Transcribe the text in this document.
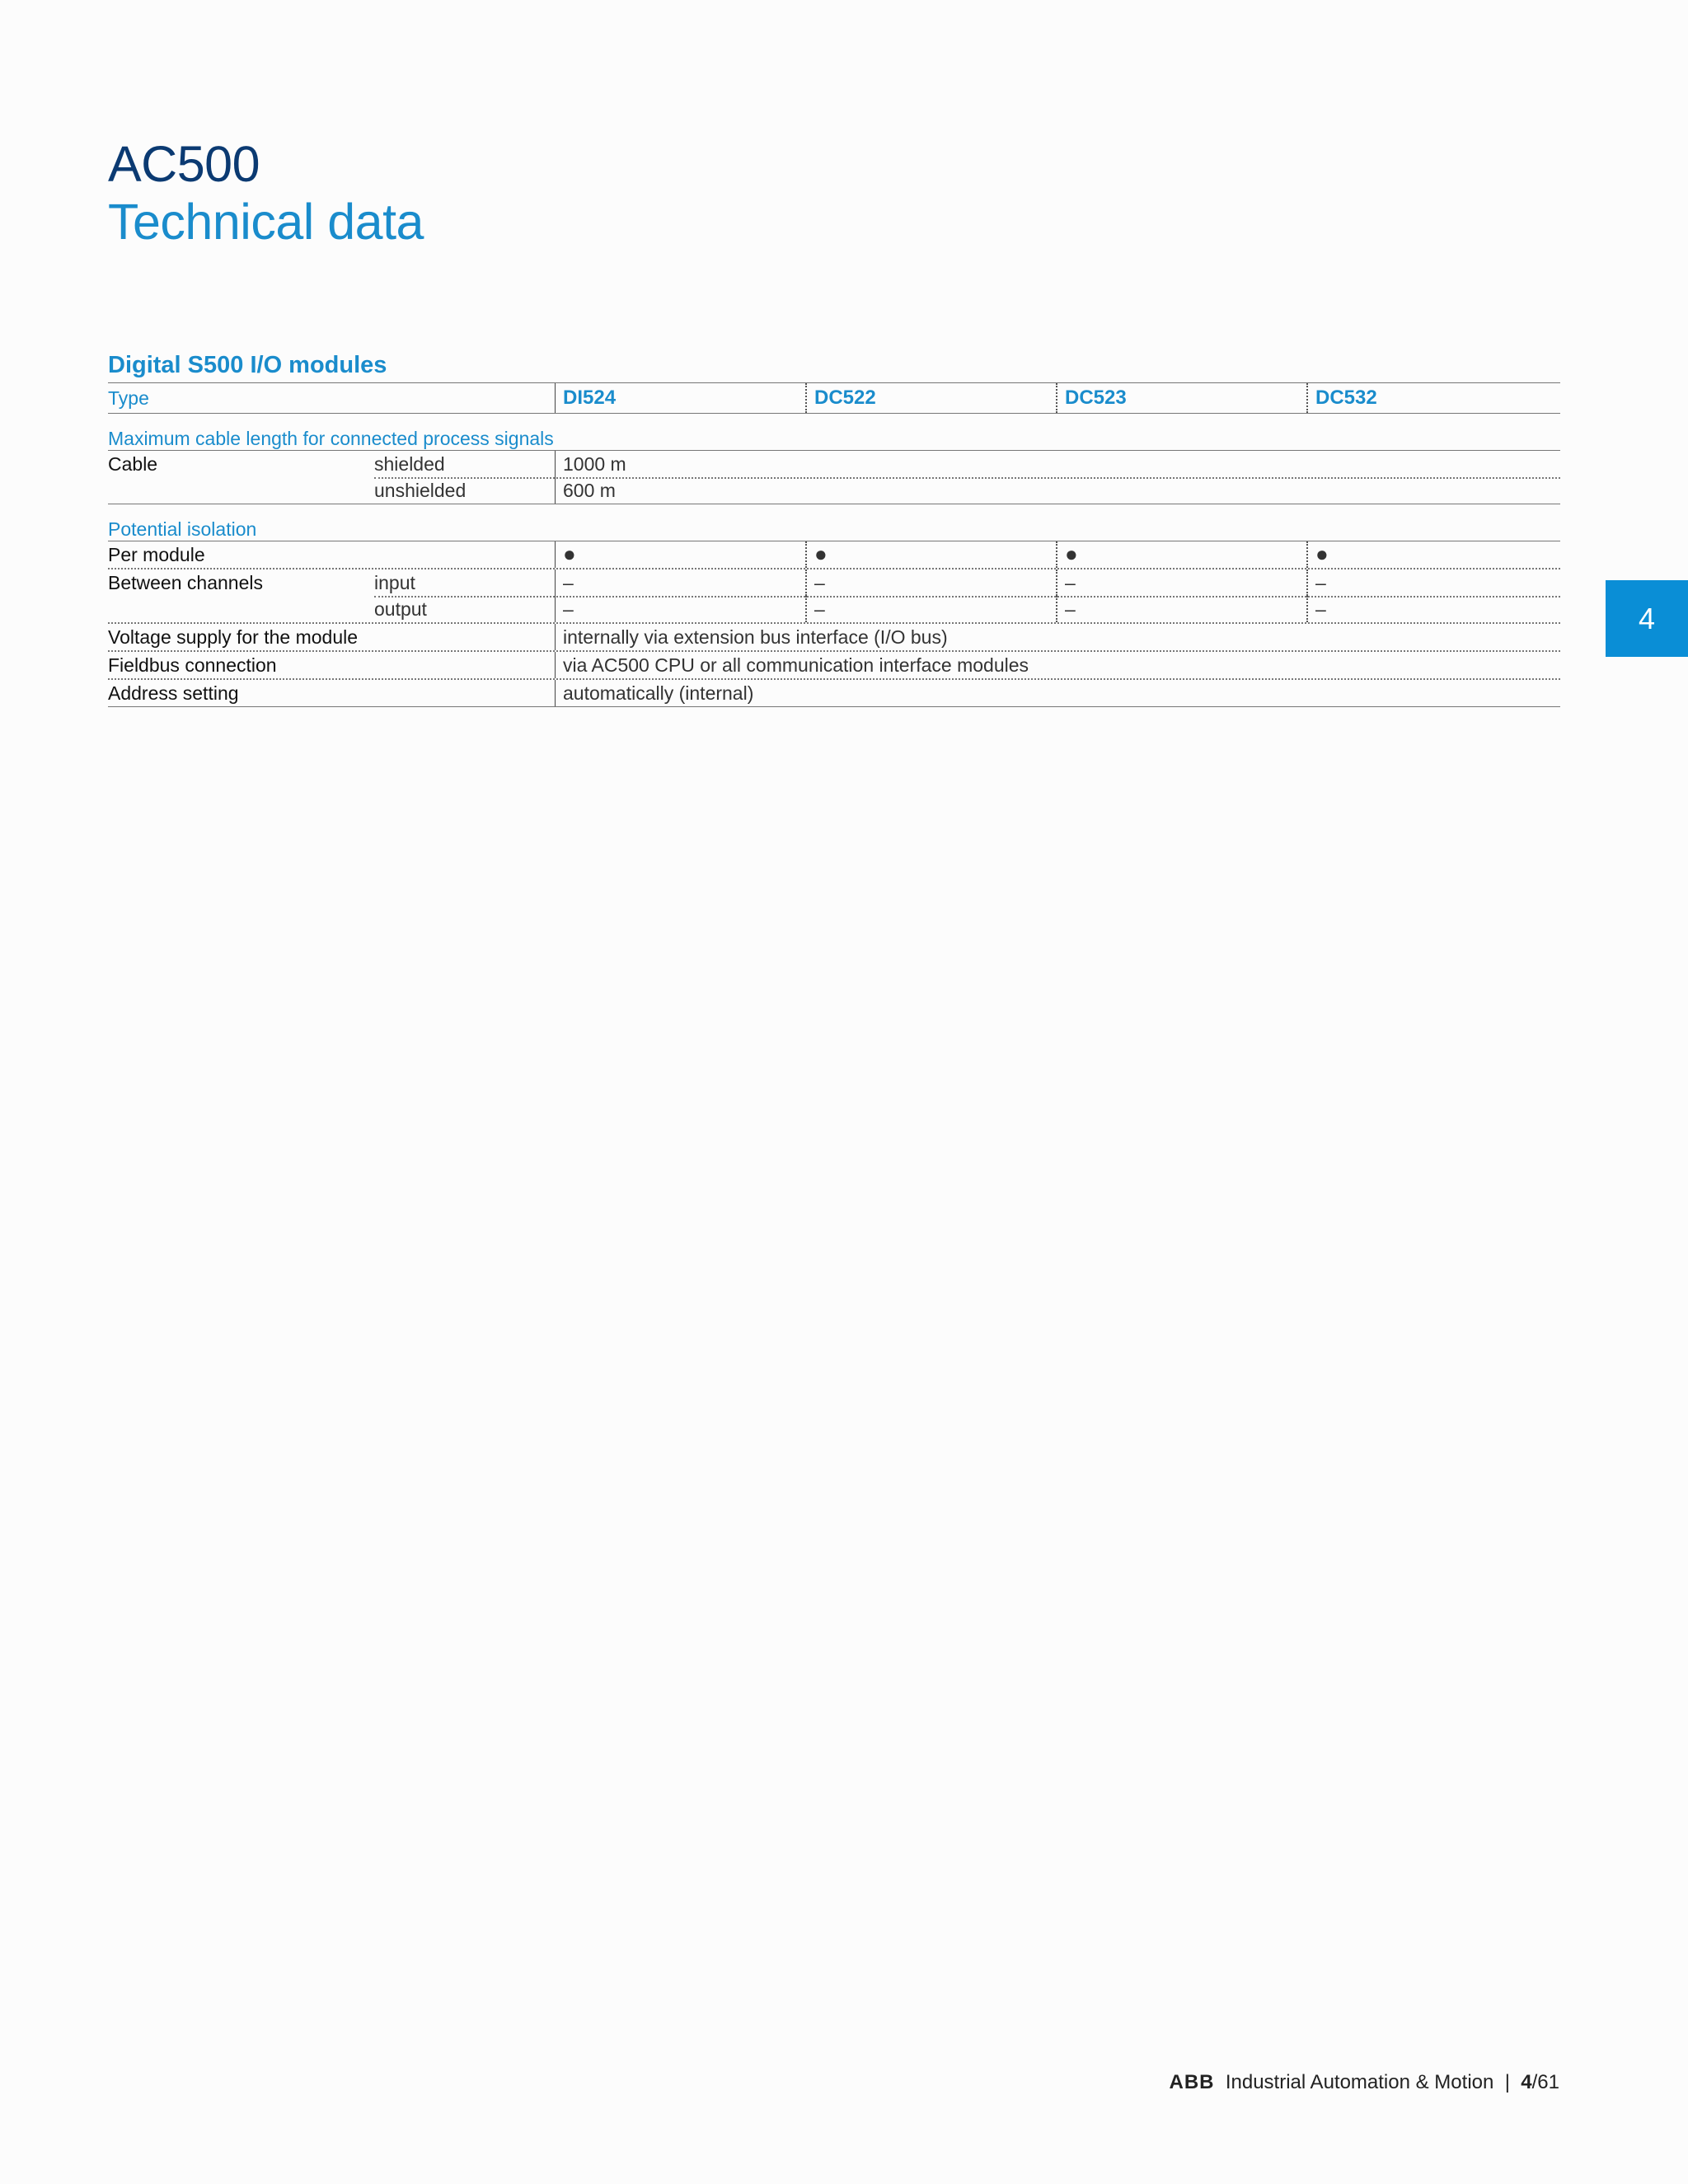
AC500
Technical data
4
Digital S500 I/O modules
Type	DI524	DC522	DC523	DC532
Maximum cable length for connected process signals
Cable	shielded	1000 m
unshielded	600 m
Potential isolation
Per module	●	●	●	●
Between channels	input	–	–	–	–
output	–	–	–	–
Voltage supply for the module	internally via extension bus interface (I/O bus)
Fieldbus connection	via AC500 CPU or all communication interface modules
Address setting	automatically (internal)
ABB Industrial Automation & Motion | 4/61
